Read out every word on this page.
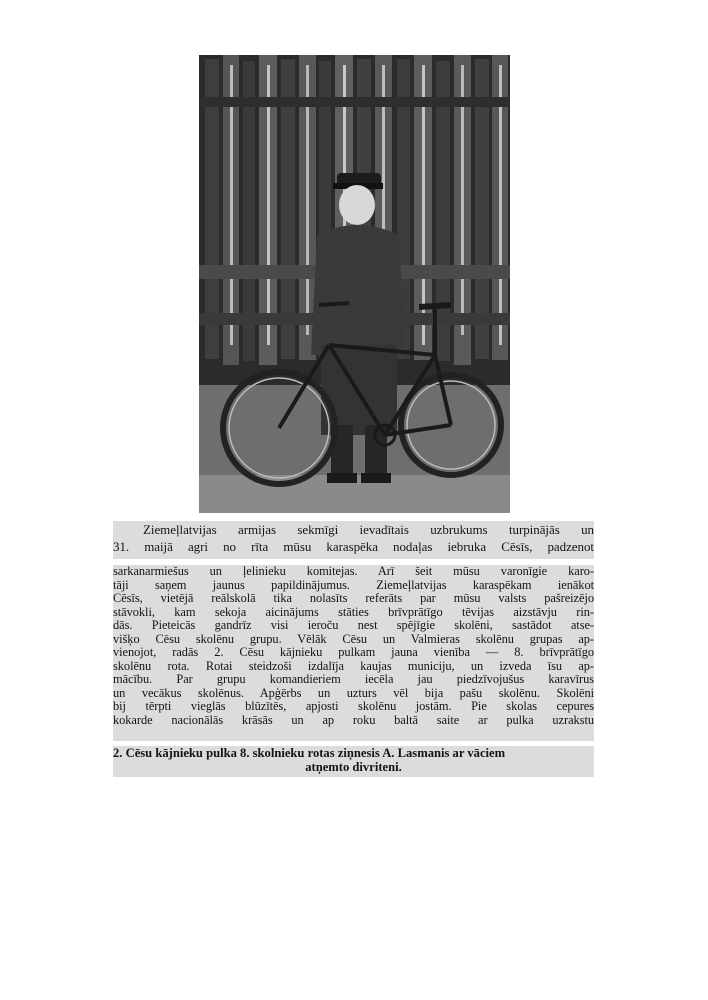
Ziemeļlatvijas armijas sekmīgi ievadītais uzbrukums turpinājās un
31. maijā agri no rīta mūsu karaspēka nodaļas iebruka Cēsīs, padzenot
sarkanarmiešus un ļelinieku komitejas. Arī šeit mūsu varonīgie karo-
tāji saņem jaunus papildinājumus. Ziemeļlatvijas karaspēkam ienākot
Cēsīs, vietējā reālskolā tika nolasīts referāts par mūsu valsts pašreizējo
stāvokli, kam sekoja aicinājums stāties brīvprātīgo tēvijas aizstāvju rin-
dās. Pieteicās gandrīz visi ieroču nest spējīgie skolēni, sastādot atse-
višķo Cēsu skolēnu grupu. Vēlāk Cēsu un Valmieras skolēnu grupas ap-
vienojot, radās 2. Cēsu kājnieku pulkam jauna vienība — 8. brīvprātīgo
skolēnu rota. Rotai steidzoši izdalīja kaujas municiju, un izveda īsu ap-
mācību. Par grupu komandieriem iecēla jau piedzīvojušus karavīrus
un vecākus skolēnus. Apģērbs un uzturs vēl bija pašu skolēnu. Skolēni
bij tērpti vieglās blūzītēs, apjosti skolēnu jostām. Pie skolas cepures
kokarde nacionālās krāsās un ap roku baltā saite ar pulka uzrakstu
2. Cēsu kājnieku pulka 8. skolnieku rotas ziņnesis A. Lasmanis ar vāciem
atņemto divriteni.
